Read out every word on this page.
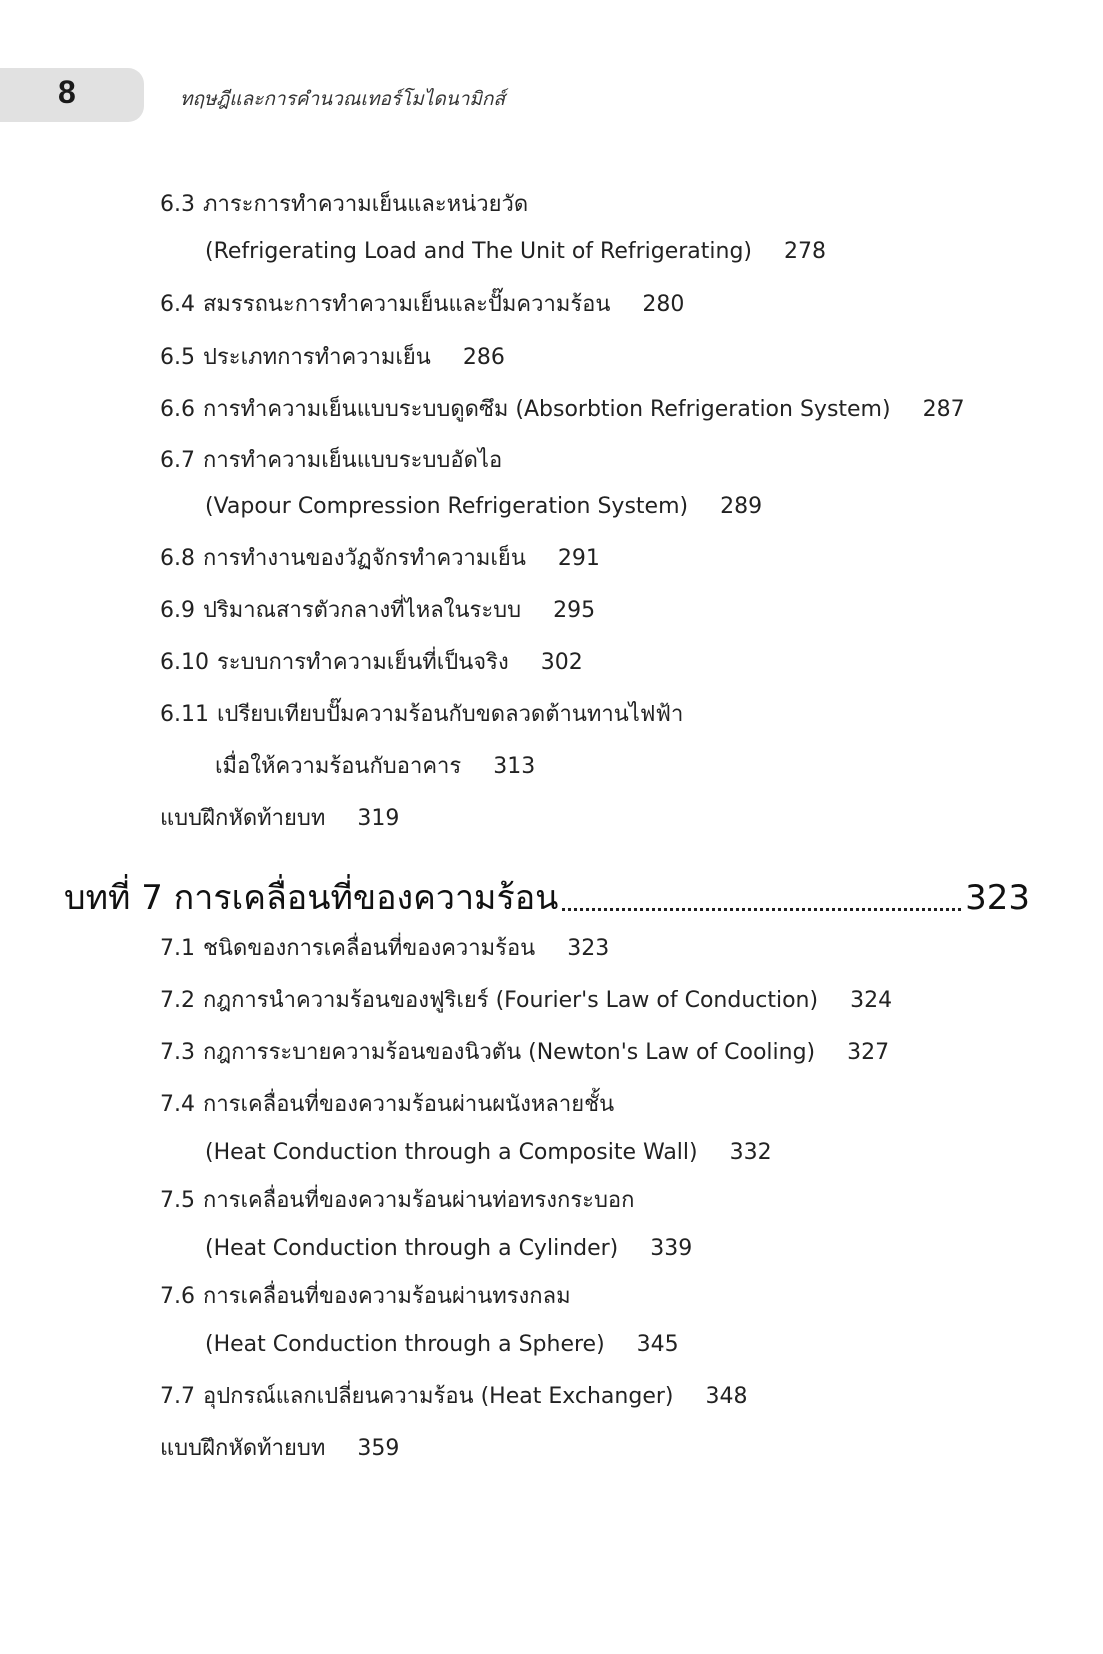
8	ทฤษฎีและการคำนวณเทอร์โมไดนามิกส์
6.3 ภาระการทำความเย็นและหน่วยวัด
(Refrigerating Load and The Unit of Refrigerating) 278
6.4 สมรรถนะการทำความเย็นและปั๊มความร้อน 280
6.5 ประเภทการทำความเย็น 286
6.6 การทำความเย็นแบบระบบดูดซึม (Absorbtion Refrigeration System) 287
6.7 การทำความเย็นแบบระบบอัดไอ
(Vapour Compression Refrigeration System) 289
6.8 การทำงานของวัฏจักรทำความเย็น 291
6.9 ปริมาณสารตัวกลางที่ไหลในระบบ 295
6.10 ระบบการทำความเย็นที่เป็นจริง 302
6.11 เปรียบเทียบปั๊มความร้อนกับขดลวดต้านทานไฟฟ้า
เมื่อให้ความร้อนกับอาคาร 313
แบบฝึกหัดท้ายบท 319
บทที่ 7 การเคลื่อนที่ของความร้อน	323
7.1 ชนิดของการเคลื่อนที่ของความร้อน 323
7.2 กฎการนำความร้อนของฟูริเยร์ (Fourier's Law of Conduction) 324
7.3 กฎการระบายความร้อนของนิวตัน (Newton's Law of Cooling) 327
7.4 การเคลื่อนที่ของความร้อนผ่านผนังหลายชั้น
(Heat Conduction through a Composite Wall) 332
7.5 การเคลื่อนที่ของความร้อนผ่านท่อทรงกระบอก
(Heat Conduction through a Cylinder) 339
7.6 การเคลื่อนที่ของความร้อนผ่านทรงกลม
(Heat Conduction through a Sphere) 345
7.7 อุปกรณ์แลกเปลี่ยนความร้อน (Heat Exchanger) 348
แบบฝึกหัดท้ายบท 359
